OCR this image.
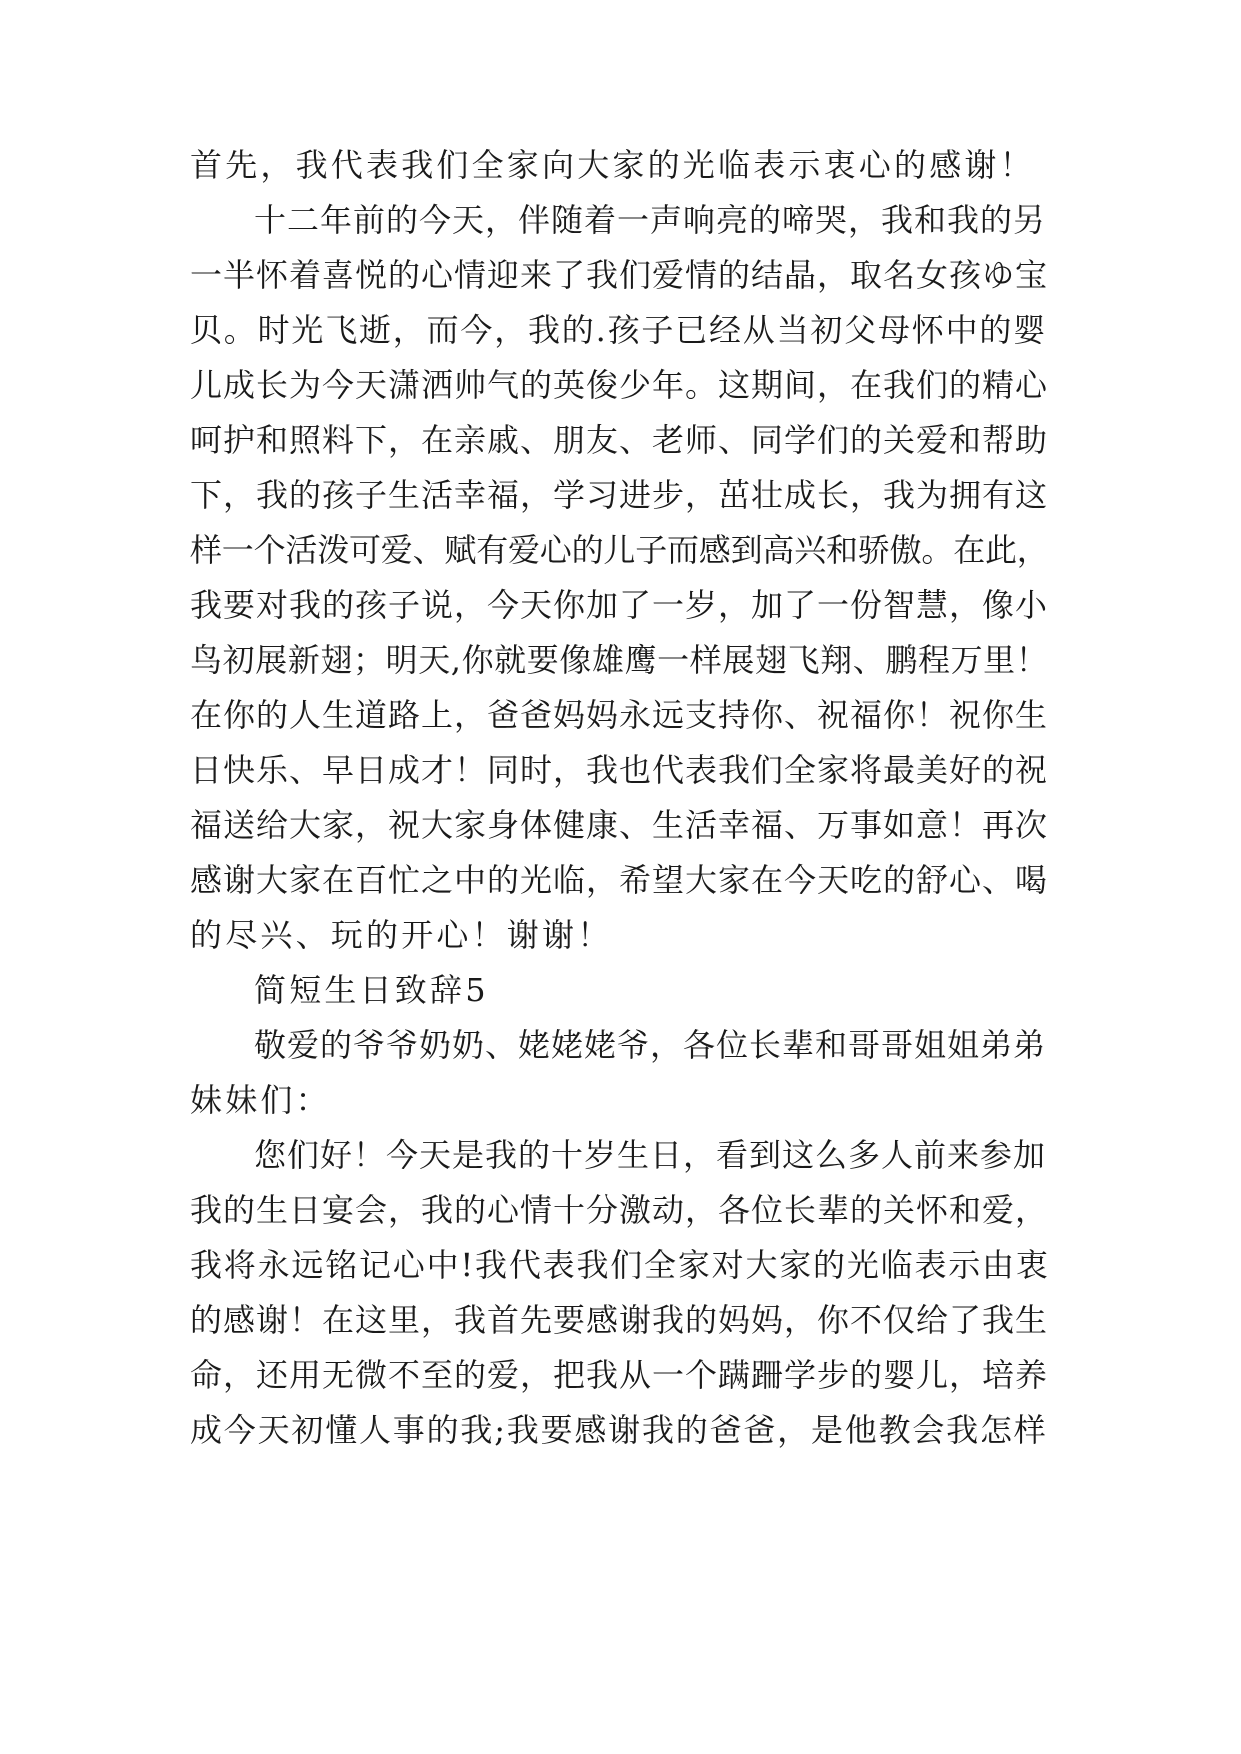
首先，我代表我们全家向大家的光临表示衷心的感谢！
十二年前的今天，伴随着一声响亮的啼哭，我和我的另
一半怀着喜悦的心情迎来了我们爱情的结晶，取名女孩ゆ宝
贝。时光飞逝，而今，我的.孩子已经从当初父母怀中的婴
儿成长为今天潇洒帅气的英俊少年。这期间，在我们的精心
呵护和照料下，在亲戚、朋友、老师、同学们的关爱和帮助
下，我的孩子生活幸福，学习进步，茁壮成长，我为拥有这
样一个活泼可爱、赋有爱心的儿子而感到高兴和骄傲。在此，
我要对我的孩子说，今天你加了一岁，加了一份智慧，像小
鸟初展新翅；明天,你就要像雄鹰一样展翅飞翔、鹏程万里！
在你的人生道路上，爸爸妈妈永远支持你、祝福你！祝你生
日快乐、早日成才！同时，我也代表我们全家将最美好的祝
福送给大家，祝大家身体健康、生活幸福、万事如意！再次
感谢大家在百忙之中的光临，希望大家在今天吃的舒心、喝
的尽兴、玩的开心！谢谢！
简短生日致辞5
敬爱的爷爷奶奶、姥姥姥爷，各位长辈和哥哥姐姐弟弟
妹妹们：
您们好！今天是我的十岁生日，看到这么多人前来参加
我的生日宴会，我的心情十分激动，各位长辈的关怀和爱，
我将永远铭记心中!我代表我们全家对大家的光临表示由衷
的感谢！在这里，我首先要感谢我的妈妈，你不仅给了我生
命，还用无微不至的爱，把我从一个蹒跚学步的婴儿，培养
成今天初懂人事的我;我要感谢我的爸爸，是他教会我怎样
